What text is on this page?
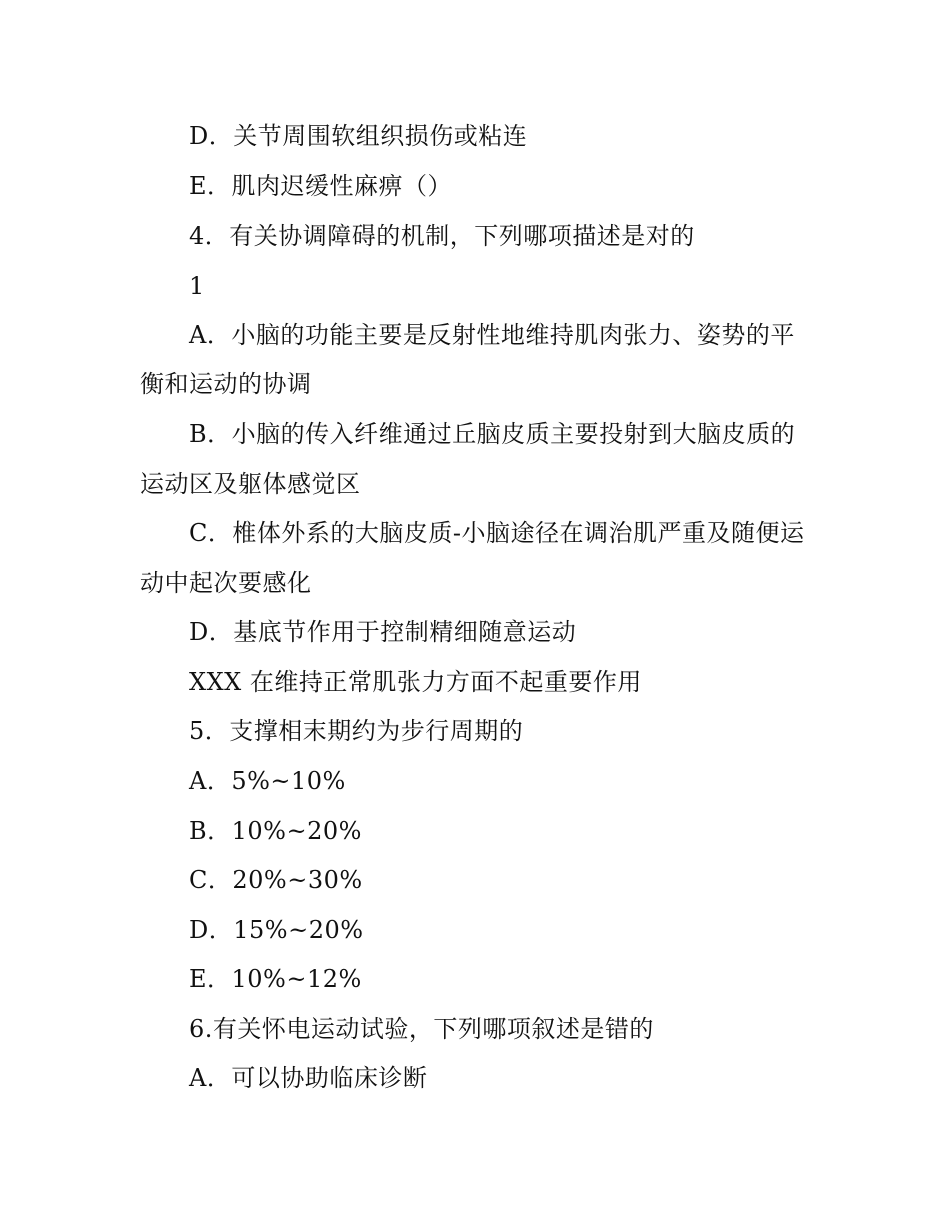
D．关节周围软组织损伤或粘连
E．肌肉迟缓性麻痹（）
4．有关协调障碍的机制，下列哪项描述是对的
1
A．小脑的功能主要是反射性地维持肌肉张力、姿势的平
衡和运动的协调
B．小脑的传入纤维通过丘脑皮质主要投射到大脑皮质的
运动区及躯体感觉区
C．椎体外系的大脑皮质-小脑途径在调治肌严重及随便运
动中起次要感化
D．基底节作用于控制精细随意运动
XXX 在维持正常肌张力方面不起重要作用
5．支撑相末期约为步行周期的
A．5%~10%
B．10%~20%
C．20%~30%
D．15%~20%
E．10%~12%
6.有关怀电运动试验，下列哪项叙述是错的
A．可以协助临床诊断
